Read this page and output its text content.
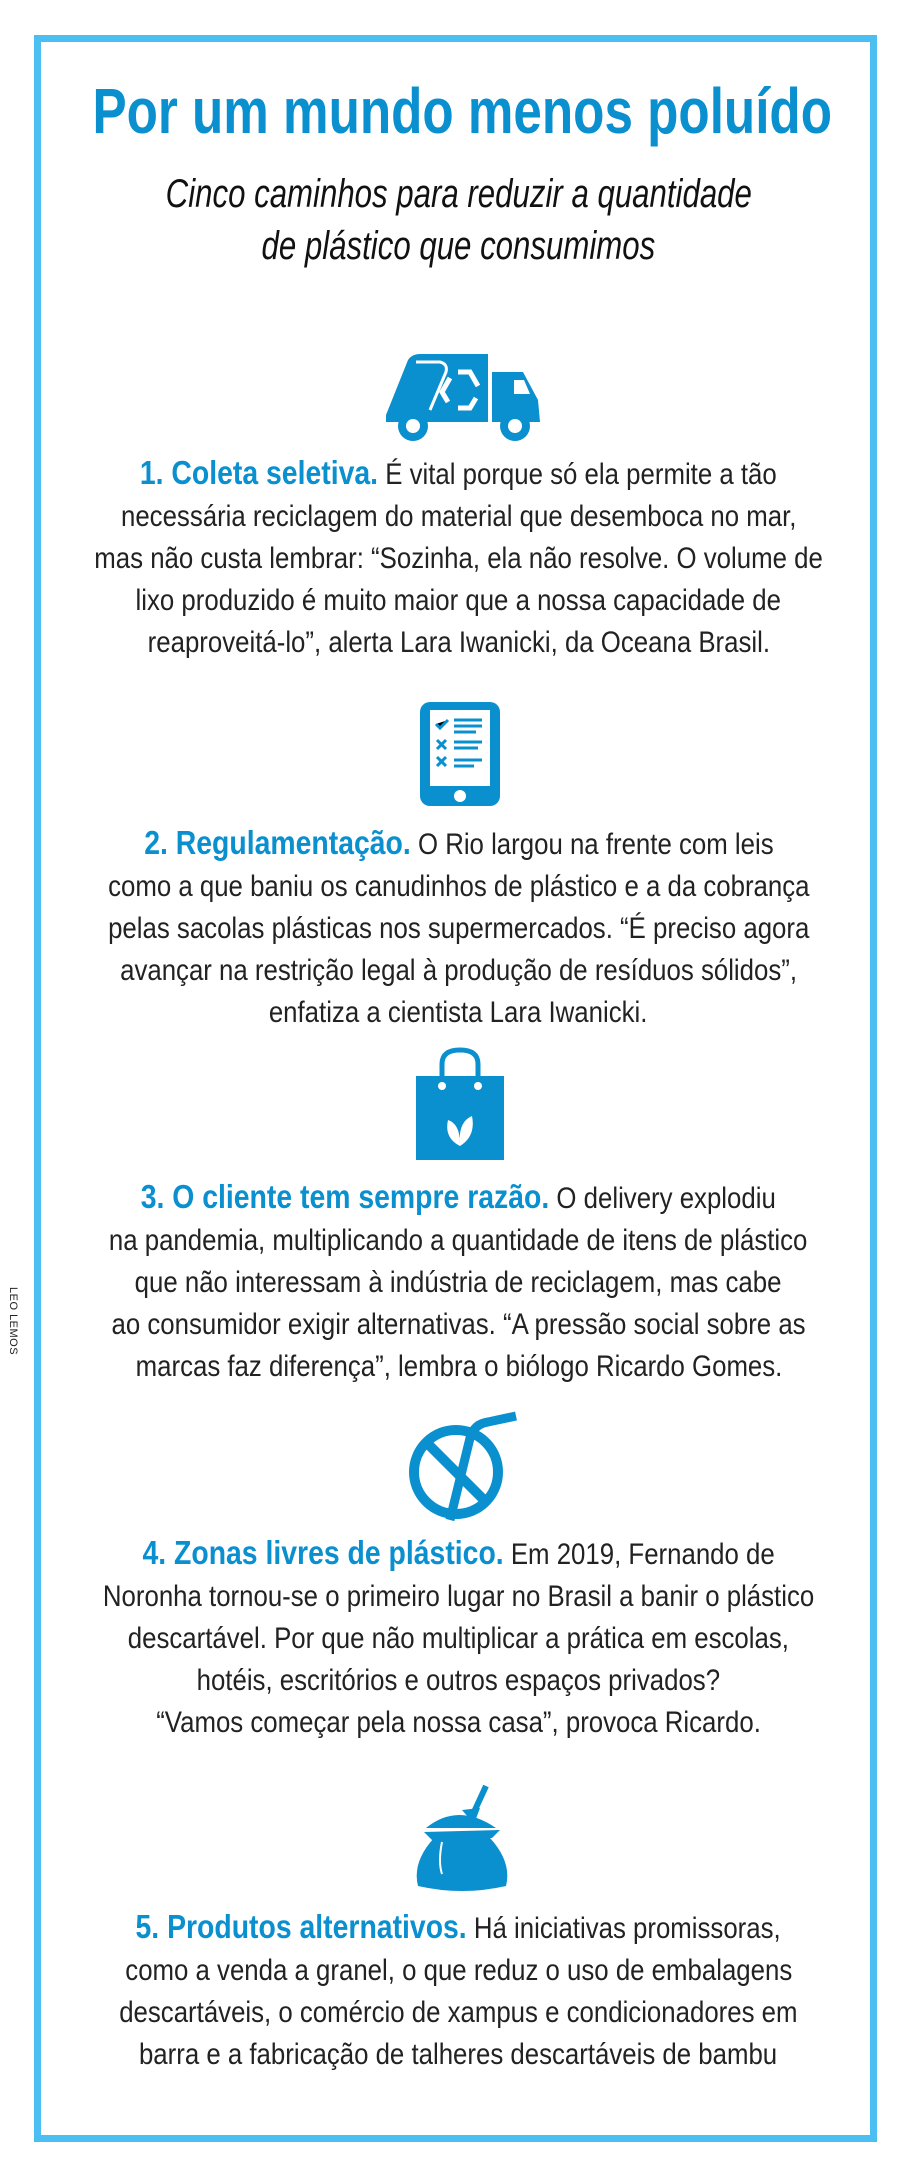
LEO LEMOS
Por um mundo menos poluído
Cinco caminhos para reduzir a quantidade
de plástico que consumimos
1. Coleta seletiva. É vital porque só ela permite a tão
necessária reciclagem do material que desemboca no mar,
mas não custa lembrar: “Sozinha, ela não resolve. O volume de
lixo produzido é muito maior que a nossa capacidade de
reaproveitá-lo”, alerta Lara Iwanicki, da Oceana Brasil.
2. Regulamentação. O Rio largou na frente com leis
como a que baniu os canudinhos de plástico e a da cobrança
pelas sacolas plásticas nos supermercados. “É preciso agora
avançar na restrição legal à produção de resíduos sólidos”,
enfatiza a cientista Lara Iwanicki.
3. O cliente tem sempre razão. O delivery explodiu
na pandemia, multiplicando a quantidade de itens de plástico
que não interessam à indústria de reciclagem, mas cabe
ao consumidor exigir alternativas. “A pressão social sobre as
marcas faz diferença”, lembra o biólogo Ricardo Gomes.
4. Zonas livres de plástico. Em 2019, Fernando de
Noronha tornou-se o primeiro lugar no Brasil a banir o plástico
descartável. Por que não multiplicar a prática em escolas,
hotéis, escritórios e outros espaços privados?
“Vamos começar pela nossa casa”, provoca Ricardo.
5. Produtos alternativos. Há iniciativas promissoras,
como a venda a granel, o que reduz o uso de embalagens
descartáveis, o comércio de xampus e condicionadores em
barra e a fabricação de talheres descartáveis de bambu
